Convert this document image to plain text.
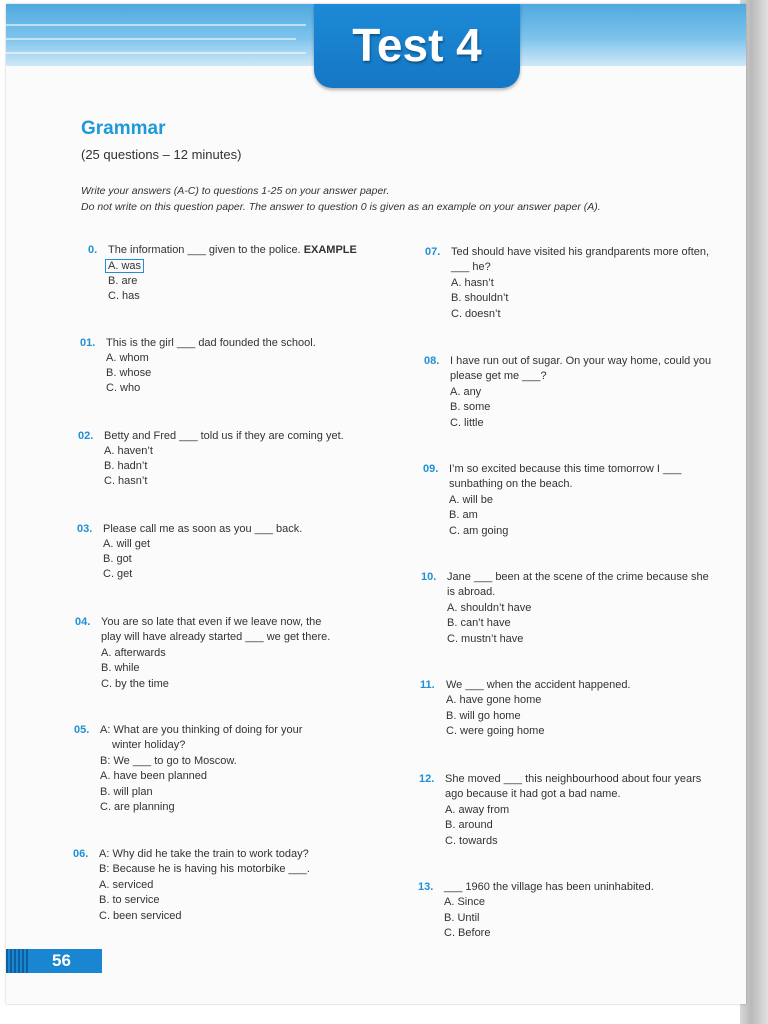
Test 4
Grammar
(25 questions – 12 minutes)
Write your answers (A-C) to questions 1-25 on your answer paper.
Do not write on this question paper. The answer to question 0 is given as an example on your answer paper (A).
0. The information ___ given to the police. EXAMPLE
A. was
B. are
C. has
01. This is the girl ___ dad founded the school.
A. whom
B. whose
C. who
02. Betty and Fred ___ told us if they are coming yet.
A. haven’t
B. hadn’t
C. hasn’t
03. Please call me as soon as you ___ back.
A. will get
B. got
C. get
04. You are so late that even if we leave now, the
play will have already started ___ we get there.
A. afterwards
B. while
C. by the time
05. A: What are you thinking of doing for your
winter holiday?
B: We ___ to go to Moscow.
A. have been planned
B. will plan
C. are planning
06. A: Why did he take the train to work today?
B: Because he is having his motorbike ___.
A. serviced
B. to service
C. been serviced
07. Ted should have visited his grandparents more often,
___ he?
A. hasn’t
B. shouldn’t
C. doesn’t
08. I have run out of sugar. On your way home, could you
please get me ___?
A. any
B. some
C. little
09. I’m so excited because this time tomorrow I ___
sunbathing on the beach.
A. will be
B. am
C. am going
10. Jane ___ been at the scene of the crime because she
is abroad.
A. shouldn’t have
B. can’t have
C. mustn’t have
11. We ___ when the accident happened.
A. have gone home
B. will go home
C. were going home
12. She moved ___ this neighbourhood about four years
ago because it had got a bad name.
A. away from
B. around
C. towards
13. ___ 1960 the village has been uninhabited.
A. Since
B. Until
C. Before
56
